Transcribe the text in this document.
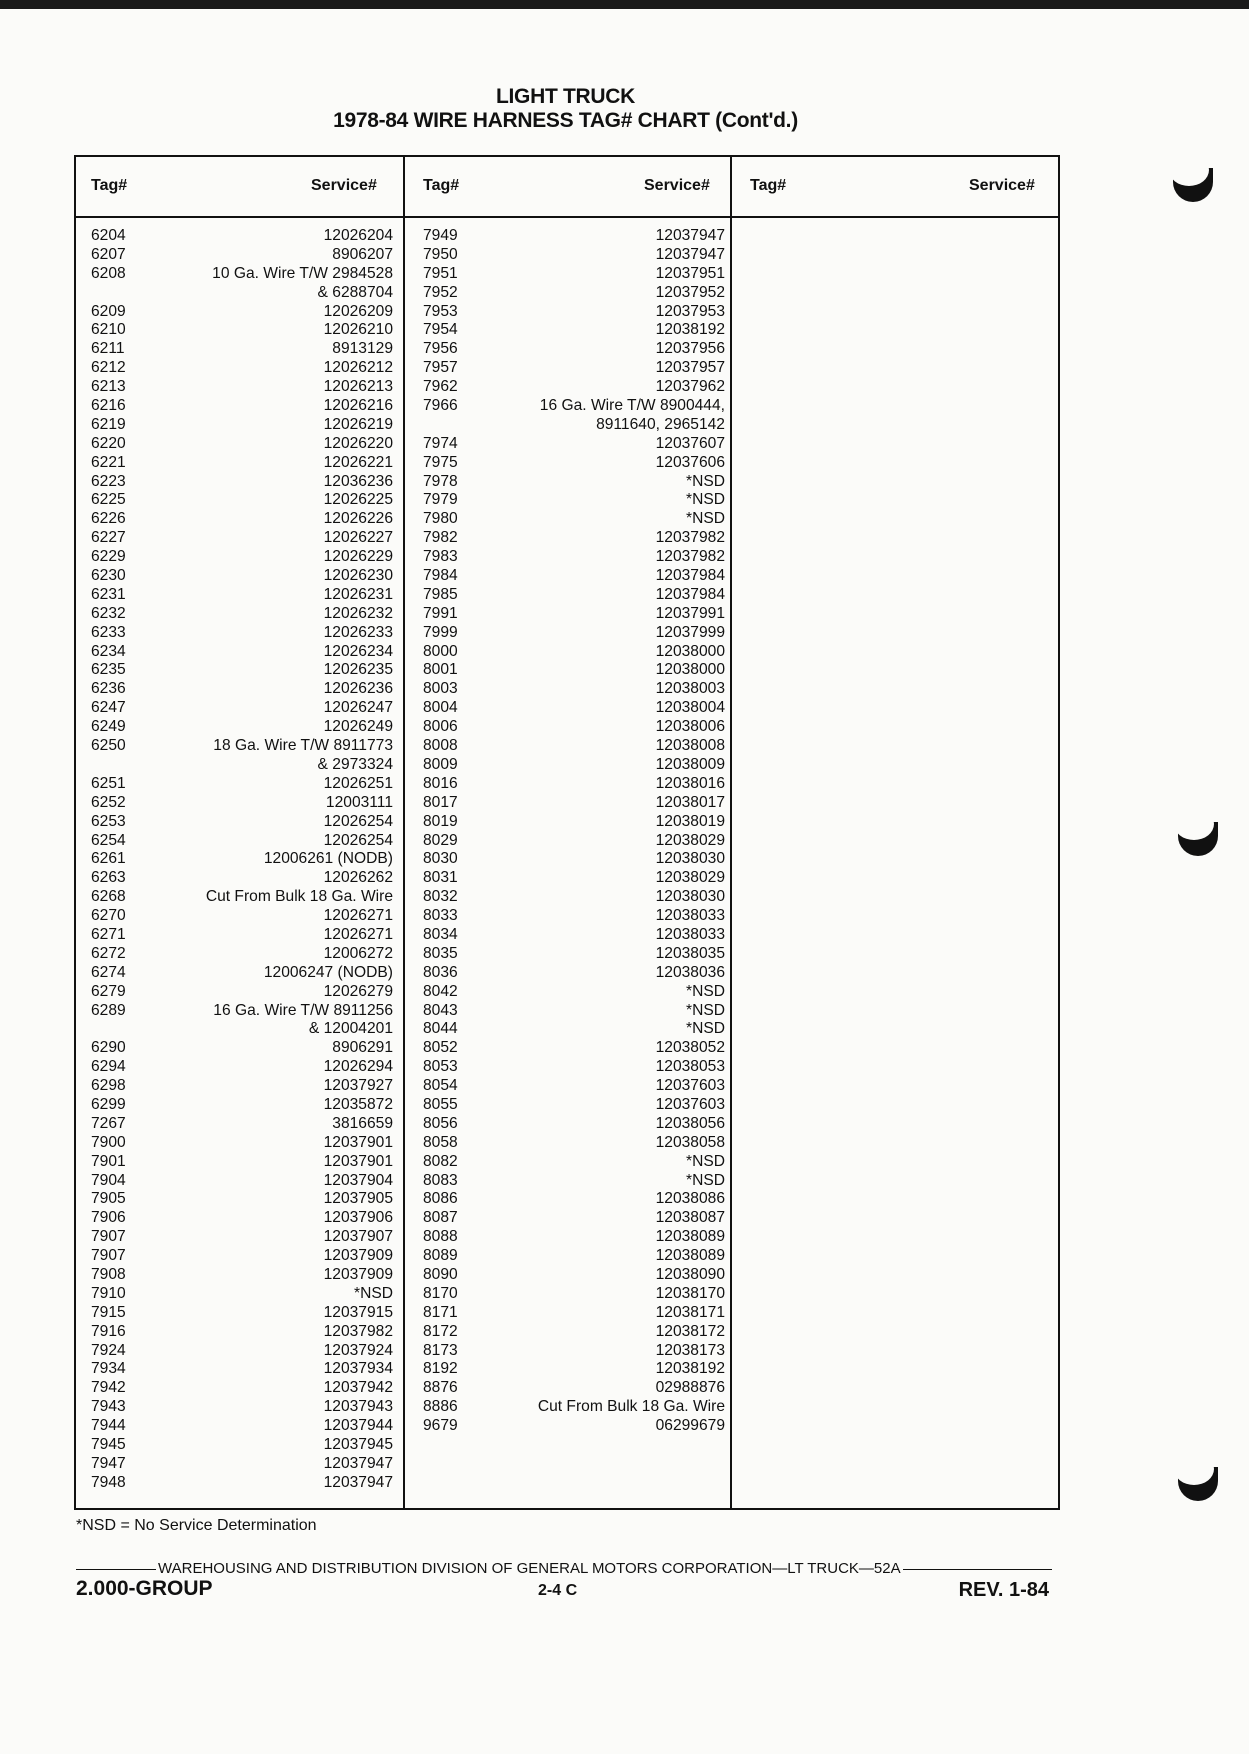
LIGHT TRUCK
1978-84 WIRE HARNESS TAG# CHART (Cont'd.)
Tag#	Service#	Tag#	Service#	Tag#	Service#
6204	12026204
6207	8906207
6208	10 Ga. Wire T/W 2984528
& 6288704
6209	12026209
6210	12026210
6211	8913129
6212	12026212
6213	12026213
6216	12026216
6219	12026219
6220	12026220
6221	12026221
6223	12036236
6225	12026225
6226	12026226
6227	12026227
6229	12026229
6230	12026230
6231	12026231
6232	12026232
6233	12026233
6234	12026234
6235	12026235
6236	12026236
6247	12026247
6249	12026249
6250	18 Ga. Wire T/W 8911773
& 2973324
6251	12026251
6252	12003111
6253	12026254
6254	12026254
6261	12006261 (NODB)
6263	12026262
6268	Cut From Bulk 18 Ga. Wire
6270	12026271
6271	12026271
6272	12006272
6274	12006247 (NODB)
6279	12026279
6289	16 Ga. Wire T/W 8911256
& 12004201
6290	8906291
6294	12026294
6298	12037927
6299	12035872
7267	3816659
7900	12037901
7901	12037901
7904	12037904
7905	12037905
7906	12037906
7907	12037907
7907	12037909
7908	12037909
7910	*NSD
7915	12037915
7916	12037982
7924	12037924
7934	12037934
7942	12037942
7943	12037943
7944	12037944
7945	12037945
7947	12037947
7948	12037947
7949	12037947
7950	12037947
7951	12037951
7952	12037952
7953	12037953
7954	12038192
7956	12037956
7957	12037957
7962	12037962
7966	16 Ga. Wire T/W 8900444,
8911640, 2965142
7974	12037607
7975	12037606
7978	*NSD
7979	*NSD
7980	*NSD
7982	12037982
7983	12037982
7984	12037984
7985	12037984
7991	12037991
7999	12037999
8000	12038000
8001	12038000
8003	12038003
8004	12038004
8006	12038006
8008	12038008
8009	12038009
8016	12038016
8017	12038017
8019	12038019
8029	12038029
8030	12038030
8031	12038029
8032	12038030
8033	12038033
8034	12038033
8035	12038035
8036	12038036
8042	*NSD
8043	*NSD
8044	*NSD
8052	12038052
8053	12038053
8054	12037603
8055	12037603
8056	12038056
8058	12038058
8082	*NSD
8083	*NSD
8086	12038086
8087	12038087
8088	12038089
8089	12038089
8090	12038090
8170	12038170
8171	12038171
8172	12038172
8173	12038173
8192	12038192
8876	02988876
8886	Cut From Bulk 18 Ga. Wire
9679	06299679
*NSD = No Service Determination
WAREHOUSING AND DISTRIBUTION DIVISION OF GENERAL MOTORS CORPORATION—LT TRUCK—52A
2.000-GROUP	2-4 C	REV. 1-84
